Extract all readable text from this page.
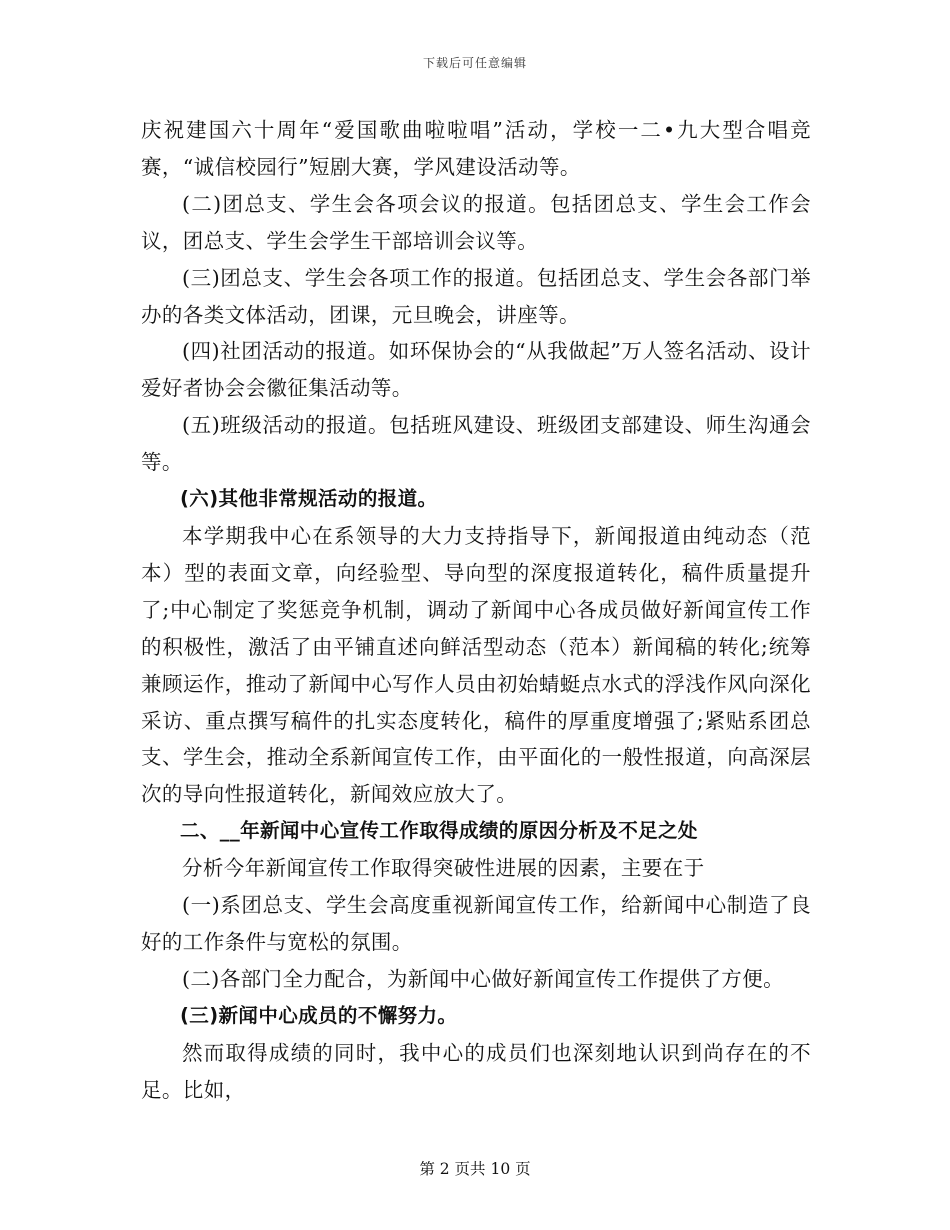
下载后可任意编辑

庆祝建国六十周年“爱国歌曲啦啦唱”活动，学校一二•九大型合唱竞赛，“诚信校园行”短剧大赛，学风建设活动等。

(二)团总支、学生会各项会议的报道。包括团总支、学生会工作会议，团总支、学生会学生干部培训会议等。

(三)团总支、学生会各项工作的报道。包括团总支、学生会各部门举办的各类文体活动，团课，元旦晚会，讲座等。

(四)社团活动的报道。如环保协会的“从我做起”万人签名活动、设计爱好者协会会徽征集活动等。

(五)班级活动的报道。包括班风建设、班级团支部建设、师生沟通会等。

(六)其他非常规活动的报道。

本学期我中心在系领导的大力支持指导下，新闻报道由纯动态（范本）型的表面文章，向经验型、导向型的深度报道转化，稿件质量提升了;中心制定了奖惩竞争机制，调动了新闻中心各成员做好新闻宣传工作的积极性，激活了由平铺直述向鲜活型动态（范本）新闻稿的转化;统筹兼顾运作，推动了新闻中心写作人员由初始蜻蜓点水式的浮浅作风向深化采访、重点撰写稿件的扎实态度转化，稿件的厚重度增强了;紧贴系团总支、学生会，推动全系新闻宣传工作，由平面化的一般性报道，向高深层次的导向性报道转化，新闻效应放大了。

二、__年新闻中心宣传工作取得成绩的原因分析及不足之处

分析今年新闻宣传工作取得突破性进展的因素，主要在于

(一)系团总支、学生会高度重视新闻宣传工作，给新闻中心制造了良好的工作条件与宽松的氛围。

(二)各部门全力配合，为新闻中心做好新闻宣传工作提供了方便。

(三)新闻中心成员的不懈努力。

然而取得成绩的同时，我中心的成员们也深刻地认识到尚存在的不足。比如，

第 2 页共 10 页
